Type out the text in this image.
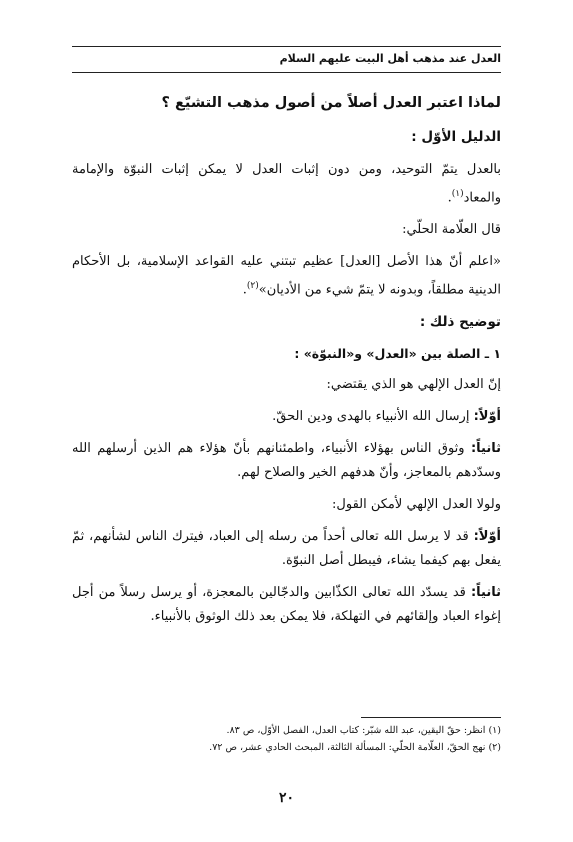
العدل عند مذهب أهل البيت عليهم السلام
لماذا اعتبر العدل أصلاً من أصول مذهب التشيّع ؟
الدليل الأوّل :

بالعدل يتمّ التوحيد، ومن دون إثبات العدل لا يمكن إثبات النبوّة والإمامة والمعاد$^{(١)}$.

قال العلّامة الحلّي:

«اعلم أنّ هذا الأصل [العدل] عظيم تبتني عليه القواعد الإسلامية، بل الأحكام الدينية مطلقاً، وبدونه لا يتمّ شيء من الأديان»$^{(٢)}$.

توضيح ذلك :
١ ـ الصلة بين «العدل» و«النبوّة» :

إنّ العدل الإلهي هو الذي يقتضي:

أوّلاً: إرسال الله الأنبياء بالهدى ودين الحقّ.

ثانياً: وثوق الناس بهؤلاء الأنبياء، واطمئنانهم بأنّ هؤلاء هم الذين أرسلهم الله وسدّدهم بالمعاجز، وأنّ هدفهم الخير والصلاح لهم.

ولولا العدل الإلهي لأمكن القول:

أوّلاً: قد لا يرسل الله تعالى أحداً من رسله إلى العباد، فيترك الناس لشأنهم، ثمّ يفعل بهم كيفما يشاء، فيبطل أصل النبوّة.

ثانياً: قد يسدّد الله تعالى الكذّابين والدجّالين بالمعجزة، أو يرسل رسلاً من أجل إغواء العباد وإلقائهم في التهلكة، فلا يمكن بعد ذلك الوثوق بالأنبياء.

(١) انظر: حقّ اليقين، عبد الله شبّر: كتاب العدل، الفصل الأوّل، ص ٨٣.
(٢) نهج الحقّ، العلّامة الحلّي: المسألة الثالثة، المبحث الحادي عشر، ص ٧٢.
٢٠
